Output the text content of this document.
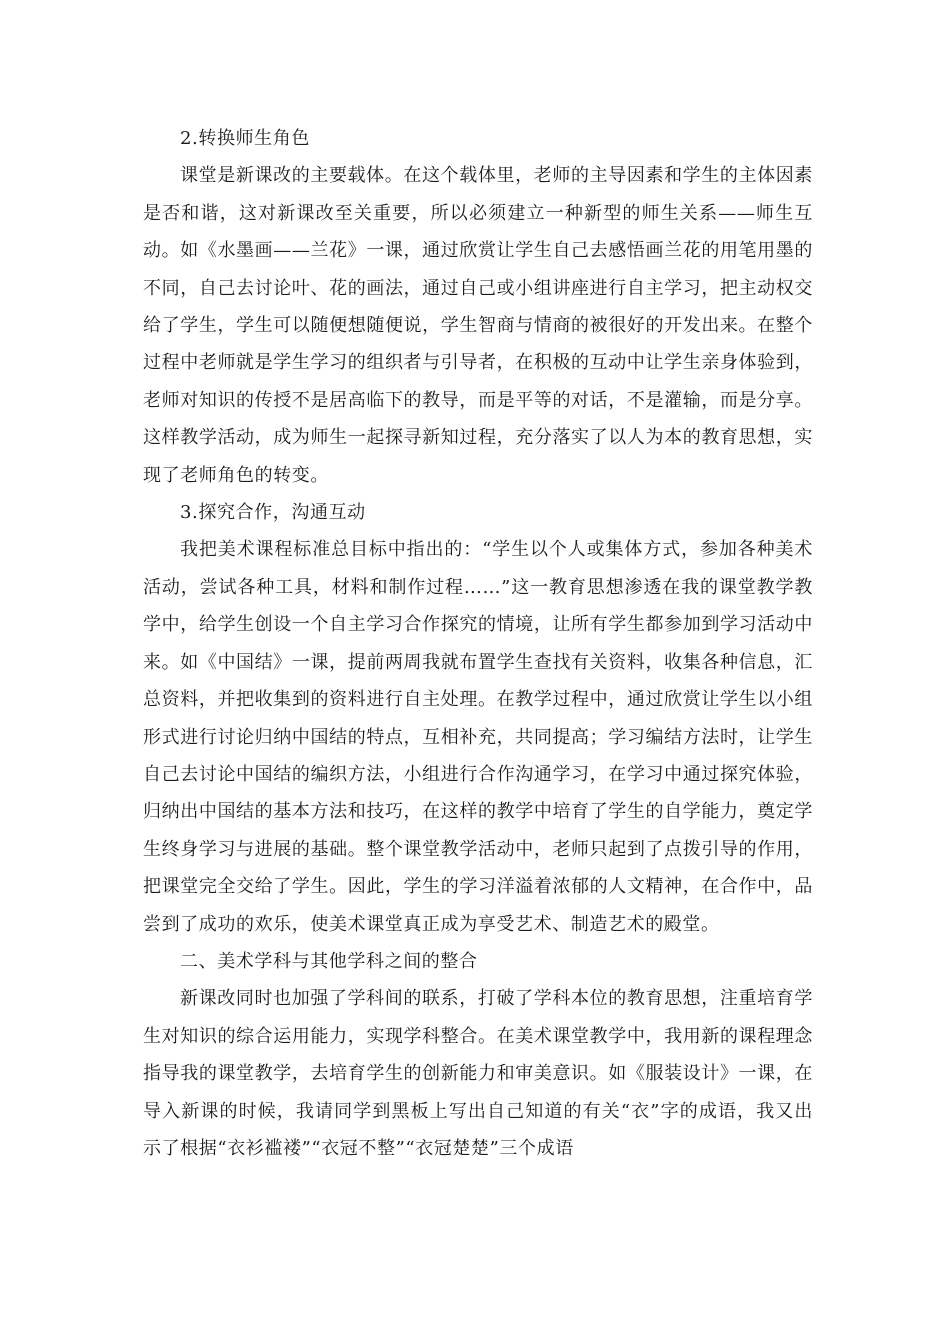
2.转换师生角色

课堂是新课改的主要载体。在这个载体里，老师的主导因素和学生的主体因素是否和谐，这对新课改至关重要，所以必须建立一种新型的师生关系——师生互动。如《水墨画——兰花》一课，通过欣赏让学生自己去感悟画兰花的用笔用墨的不同，自己去讨论叶、花的画法，通过自己或小组讲座进行自主学习，把主动权交给了学生，学生可以随便想随便说，学生智商与情商的被很好的开发出来。在整个过程中老师就是学生学习的组织者与引导者，在积极的互动中让学生亲身体验到，老师对知识的传授不是居高临下的教导，而是平等的对话，不是灌输，而是分享。这样教学活动，成为师生一起探寻新知过程，充分落实了以人为本的教育思想，实现了老师角色的转变。

3.探究合作，沟通互动

我把美术课程标准总目标中指出的：“学生以个人或集体方式，参加各种美术活动，尝试各种工具，材料和制作过程……”这一教育思想渗透在我的课堂教学教学中，给学生创设一个自主学习合作探究的情境，让所有学生都参加到学习活动中来。如《中国结》一课，提前两周我就布置学生查找有关资料，收集各种信息，汇总资料，并把收集到的资料进行自主处理。在教学过程中，通过欣赏让学生以小组形式进行讨论归纳中国结的特点，互相补充，共同提高；学习编结方法时，让学生自己去讨论中国结的编织方法，小组进行合作沟通学习，在学习中通过探究体验，归纳出中国结的基本方法和技巧，在这样的教学中培育了学生的自学能力，奠定学生终身学习与进展的基础。整个课堂教学活动中，老师只起到了点拨引导的作用，把课堂完全交给了学生。因此，学生的学习洋溢着浓郁的人文精神，在合作中，品尝到了成功的欢乐，使美术课堂真正成为享受艺术、制造艺术的殿堂。

二、美术学科与其他学科之间的整合

新课改同时也加强了学科间的联系，打破了学科本位的教育思想，注重培育学生对知识的综合运用能力，实现学科整合。在美术课堂教学中，我用新的课程理念指导我的课堂教学，去培育学生的创新能力和审美意识。如《服装设计》一课，在导入新课的时候，我请同学到黑板上写出自己知道的有关“衣”字的成语，我又出示了根据“衣衫褴褛”“衣冠不整”“衣冠楚楚”三个成语
